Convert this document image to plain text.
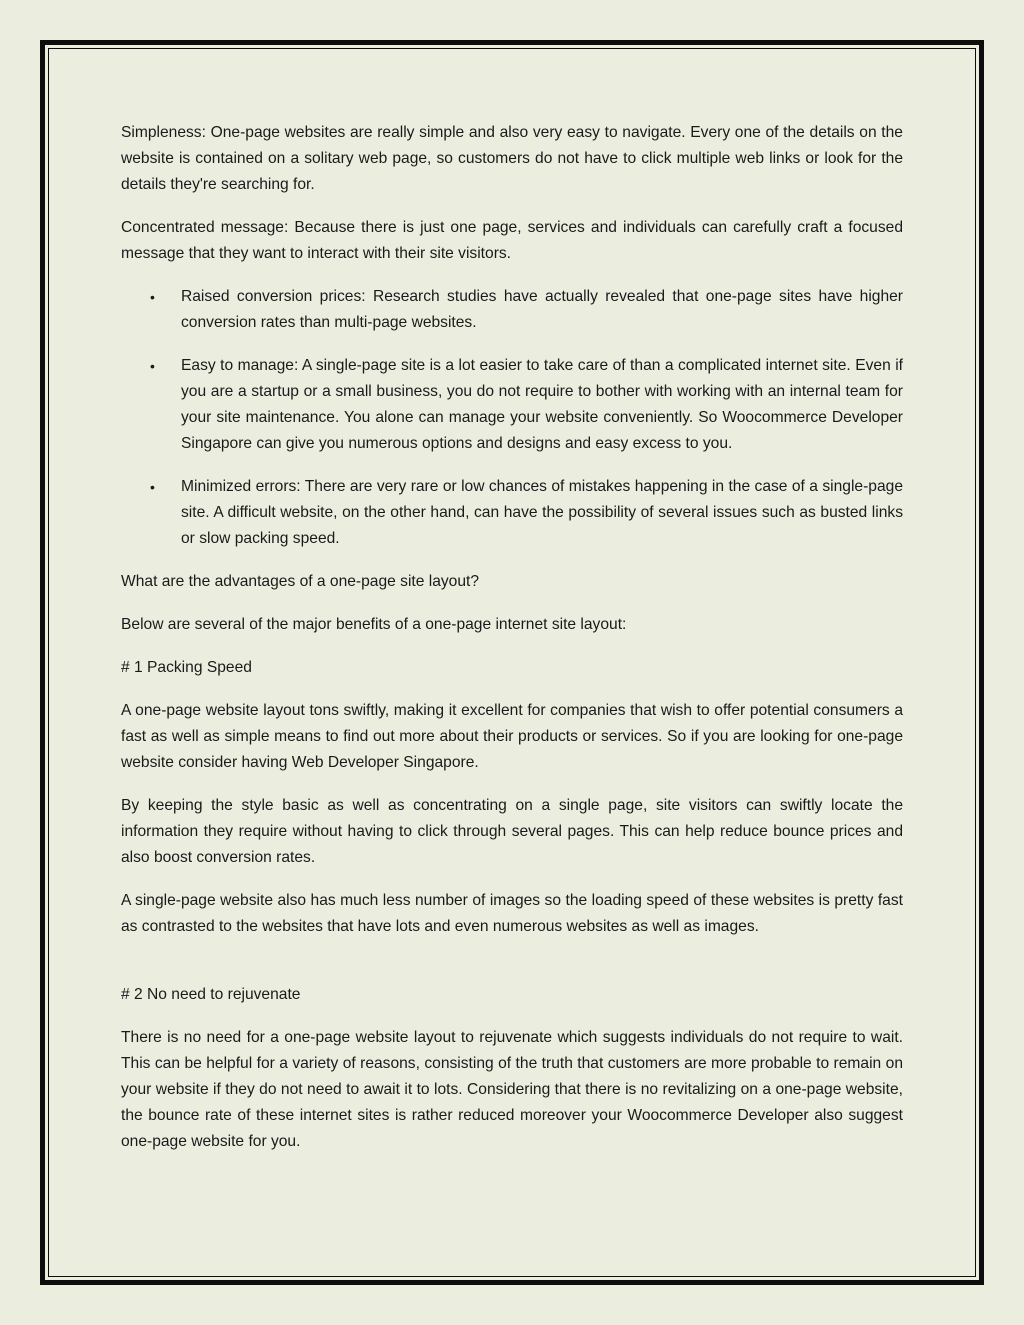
Simpleness: One-page websites are really simple and also very easy to navigate. Every one of the details on the website is contained on a solitary web page, so customers do not have to click multiple web links or look for the details they're searching for.

Concentrated message: Because there is just one page, services and individuals can carefully craft a focused message that they want to interact with their site visitors.

• Raised conversion prices: Research studies have actually revealed that one-page sites have higher conversion rates than multi-page websites.
• Easy to manage: A single-page site is a lot easier to take care of than a complicated internet site. Even if you are a startup or a small business, you do not require to bother with working with an internal team for your site maintenance. You alone can manage your website conveniently. So Woocommerce Developer Singapore can give you numerous options and designs and easy excess to you.
• Minimized errors: There are very rare or low chances of mistakes happening in the case of a single-page site. A difficult website, on the other hand, can have the possibility of several issues such as busted links or slow packing speed.

What are the advantages of a one-page site layout?

Below are several of the major benefits of a one-page internet site layout:

# 1 Packing Speed

A one-page website layout tons swiftly, making it excellent for companies that wish to offer potential consumers a fast as well as simple means to find out more about their products or services. So if you are looking for one-page website consider having Web Developer Singapore.

By keeping the style basic as well as concentrating on a single page, site visitors can swiftly locate the information they require without having to click through several pages. This can help reduce bounce prices and also boost conversion rates.

A single-page website also has much less number of images so the loading speed of these websites is pretty fast as contrasted to the websites that have lots and even numerous websites as well as images.

# 2 No need to rejuvenate

There is no need for a one-page website layout to rejuvenate which suggests individuals do not require to wait. This can be helpful for a variety of reasons, consisting of the truth that customers are more probable to remain on your website if they do not need to await it to lots. Considering that there is no revitalizing on a one-page website, the bounce rate of these internet sites is rather reduced moreover your Woocommerce Developer also suggest one-page website for you.
